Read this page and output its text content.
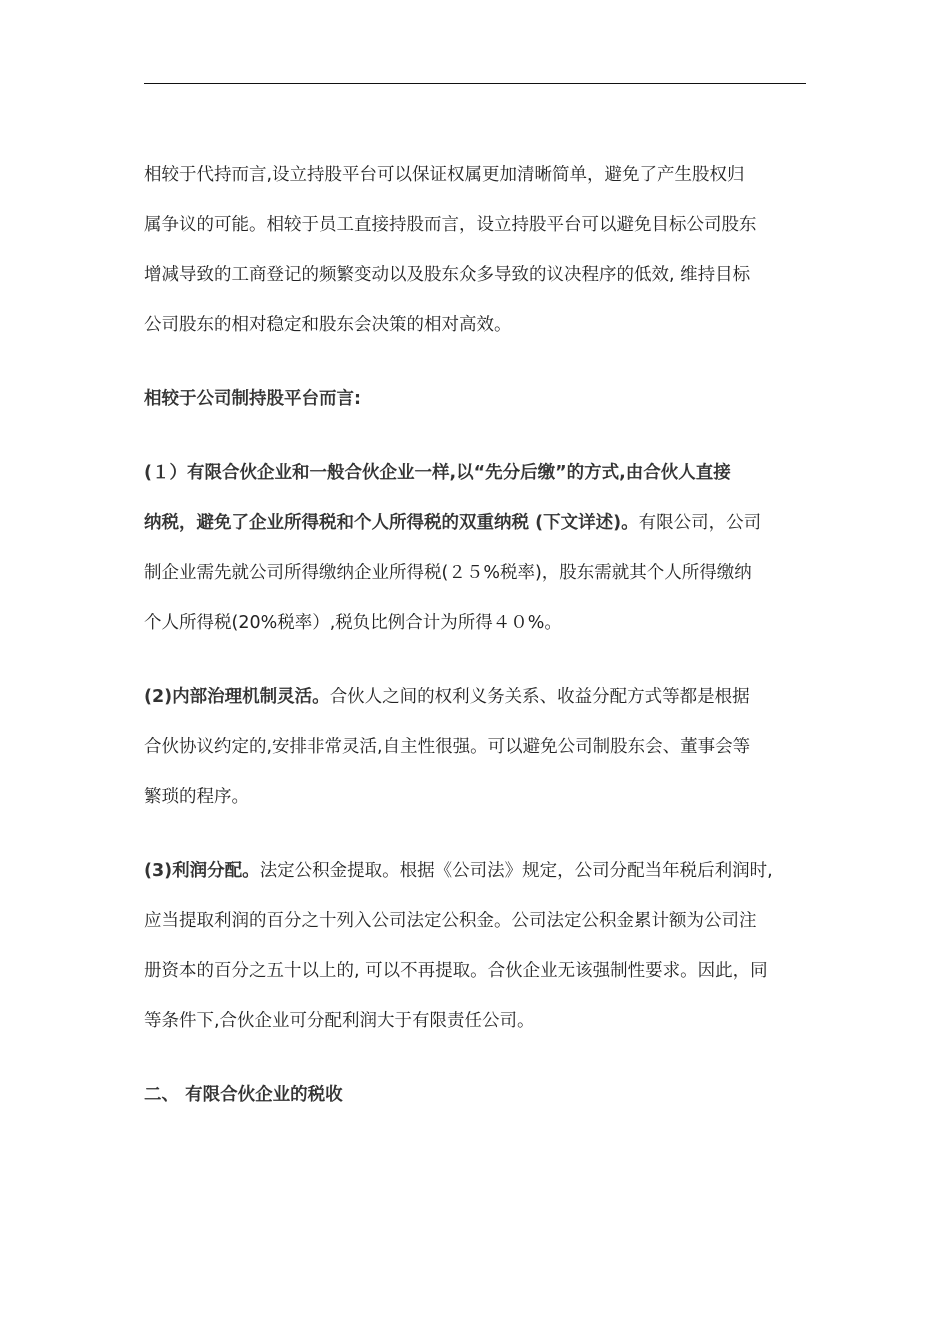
相较于代持而言,设立持股平台可以保证权属更加清晰简单，避免了产生股权归
属争议的可能。相较于员工直接持股而言，设立持股平台可以避免目标公司股东
增减导致的工商登记的频繁变动以及股东众多导致的议决程序的低效, 维持目标
公司股东的相对稳定和股东会决策的相对高效。
相较于公司制持股平台而言:
(１）有限合伙企业和一般合伙企业一样,以“先分后缴”的方式,由合伙人直接
纳税，避免了企业所得税和个人所得税的双重纳税 (下文详述)。有限公司，公司
制企业需先就公司所得缴纳企业所得税(２５%税率)，股东需就其个人所得缴纳
个人所得税(20%税率）,税负比例合计为所得４０%。
(2)内部治理机制灵活。合伙人之间的权利义务关系、收益分配方式等都是根据
合伙协议约定的,安排非常灵活,自主性很强。可以避免公司制股东会、董事会等
繁琐的程序。
(3)利润分配。法定公积金提取。根据《公司法》规定，公司分配当年税后利润时,
应当提取利润的百分之十列入公司法定公积金。公司法定公积金累计额为公司注
册资本的百分之五十以上的, 可以不再提取。合伙企业无该强制性要求。因此，同
等条件下,合伙企业可分配利润大于有限责任公司。
二、 有限合伙企业的税收
